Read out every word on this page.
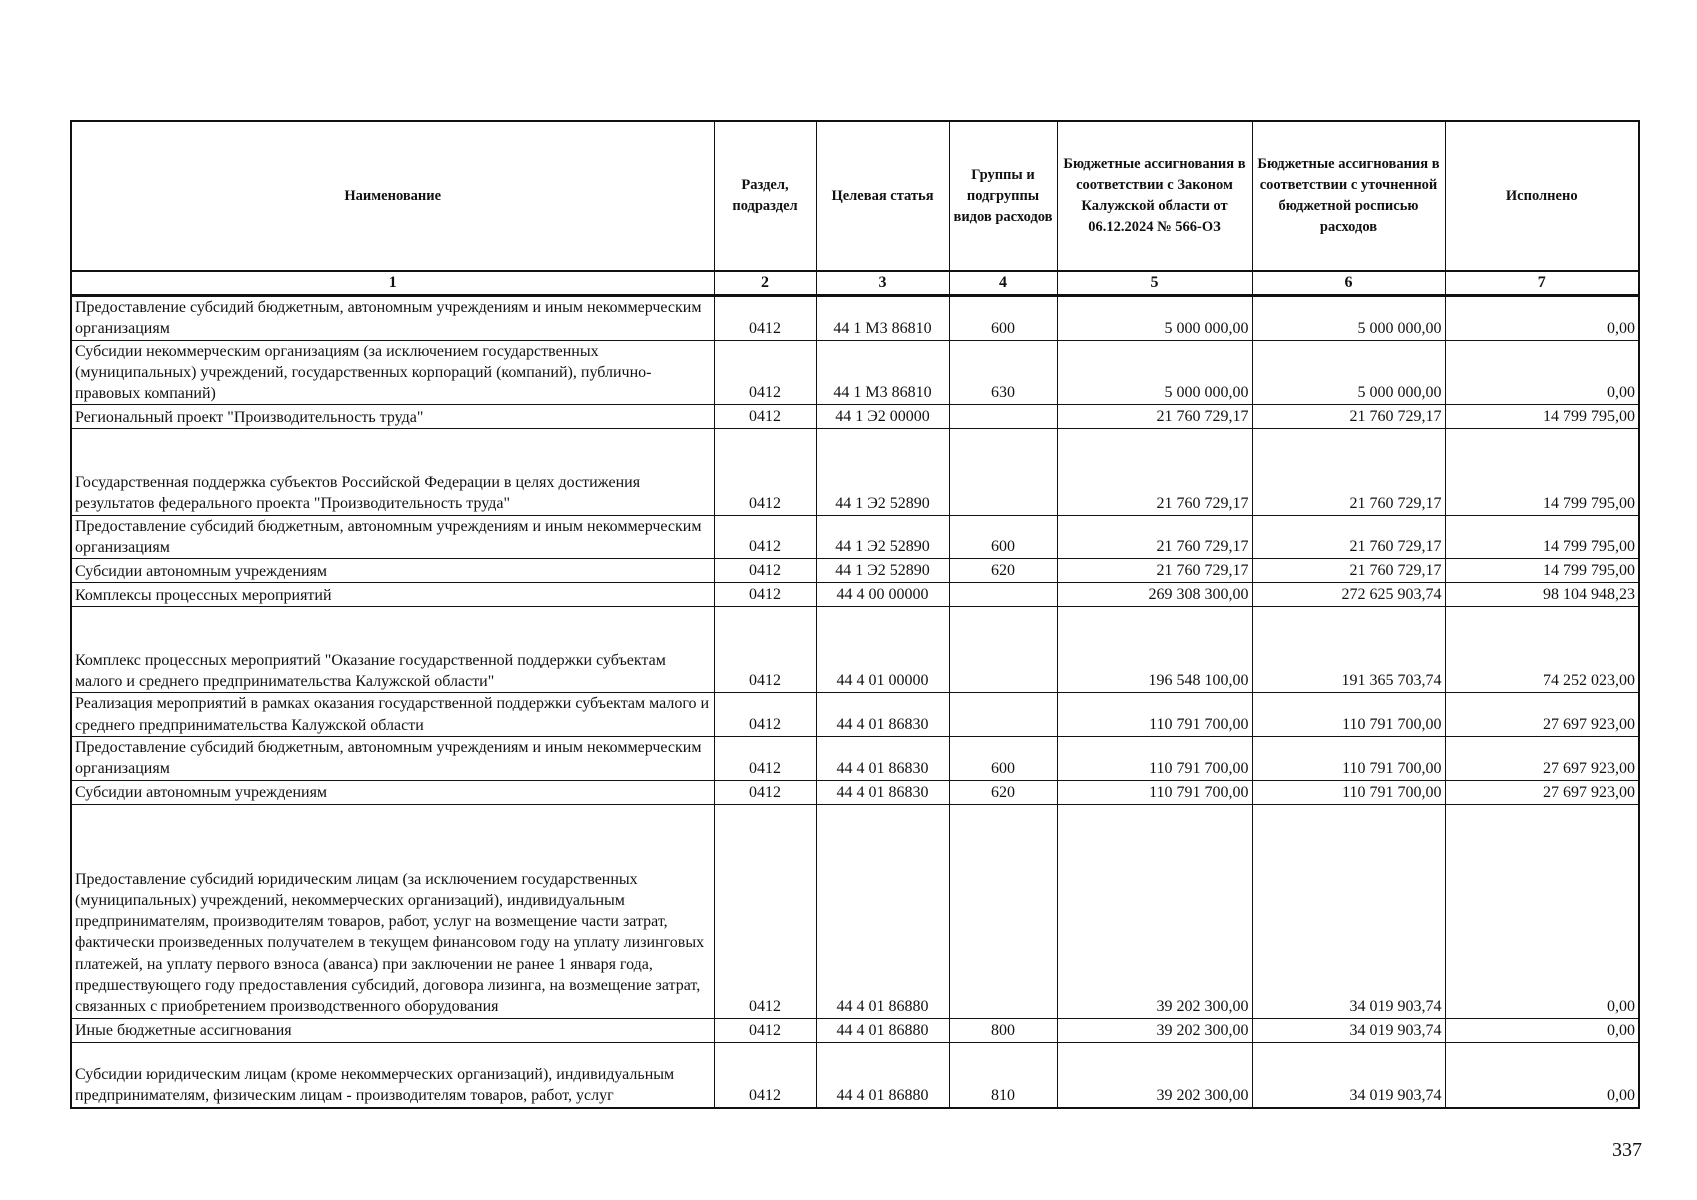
Наименование	Раздел, подраздел	Целевая статья	Группы и подгруппы видов расходов	Бюджетные ассигнования в соответствии с Законом Калужской области от 06.12.2024 № 566-ОЗ	Бюджетные ассигнования в соответствии с уточненной бюджетной росписью расходов	Исполнено
1	2	3	4	5	6	7
Предоставление субсидий бюджетным, автономным учреждениям и иным некоммерческим организациям	0412	44 1 М3 86810	600	5 000 000,00	5 000 000,00	0,00
Субсидии некоммерческим организациям (за исключением государственных (муниципальных) учреждений, государственных корпораций (компаний), публично-правовых компаний)	0412	44 1 М3 86810	630	5 000 000,00	5 000 000,00	0,00
Региональный проект "Производительность труда"	0412	44 1 Э2 00000		21 760 729,17	21 760 729,17	14 799 795,00
Государственная поддержка субъектов Российской Федерации в целях достижения результатов федерального проекта "Производительность труда"	0412	44 1 Э2 52890		21 760 729,17	21 760 729,17	14 799 795,00
Предоставление субсидий бюджетным, автономным учреждениям и иным некоммерческим организациям	0412	44 1 Э2 52890	600	21 760 729,17	21 760 729,17	14 799 795,00
Субсидии автономным учреждениям	0412	44 1 Э2 52890	620	21 760 729,17	21 760 729,17	14 799 795,00
Комплексы процессных мероприятий	0412	44 4 00 00000		269 308 300,00	272 625 903,74	98 104 948,23
Комплекс процессных мероприятий "Оказание государственной поддержки субъектам малого и среднего предпринимательства Калужской области"	0412	44 4 01 00000		196 548 100,00	191 365 703,74	74 252 023,00
Реализация мероприятий в рамках оказания государственной поддержки субъектам малого и среднего предпринимательства Калужской области	0412	44 4 01 86830		110 791 700,00	110 791 700,00	27 697 923,00
Предоставление субсидий бюджетным, автономным учреждениям и иным некоммерческим организациям	0412	44 4 01 86830	600	110 791 700,00	110 791 700,00	27 697 923,00
Субсидии автономным учреждениям	0412	44 4 01 86830	620	110 791 700,00	110 791 700,00	27 697 923,00
Предоставление субсидий юридическим лицам (за исключением государственных (муниципальных) учреждений, некоммерческих организаций), индивидуальным предпринимателям, производителям товаров, работ, услуг на возмещение части затрат, фактически произведенных получателем в текущем финансовом году на уплату лизинговых платежей, на уплату первого взноса (аванса) при заключении не ранее 1 января года, предшествующего году предоставления субсидий, договора лизинга, на возмещение затрат, связанных с приобретением производственного оборудования	0412	44 4 01 86880		39 202 300,00	34 019 903,74	0,00
Иные бюджетные ассигнования	0412	44 4 01 86880	800	39 202 300,00	34 019 903,74	0,00
Субсидии юридическим лицам (кроме некоммерческих организаций), индивидуальным предпринимателям, физическим лицам - производителям товаров, работ, услуг	0412	44 4 01 86880	810	39 202 300,00	34 019 903,74	0,00
337
